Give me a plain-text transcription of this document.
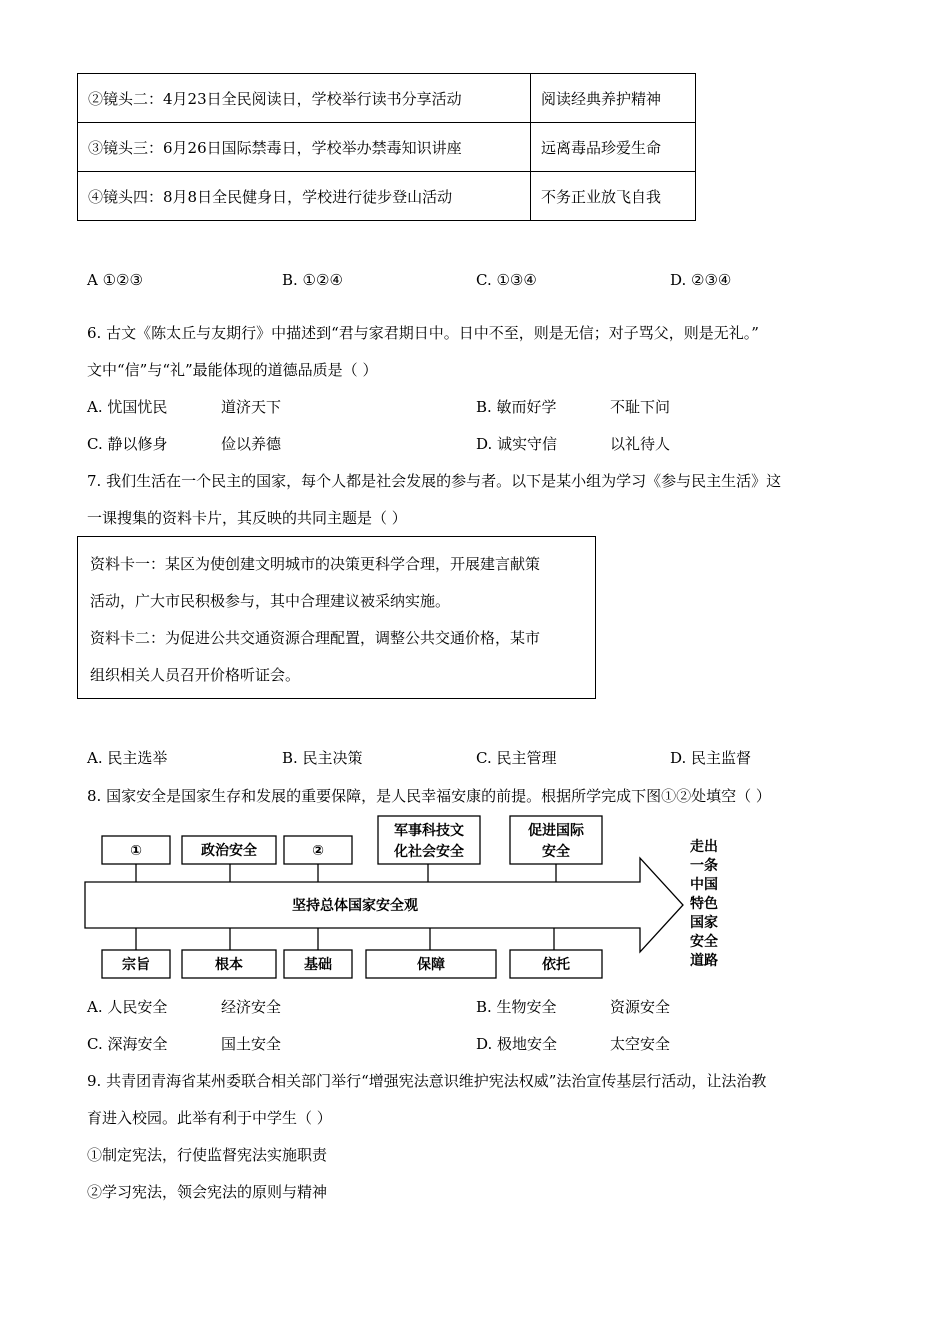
②镜头二：4月23日全民阅读日，学校举行读书分享活动	阅读经典养护精神
③镜头三：6月26日国际禁毒日，学校举办禁毒知识讲座	远离毒品珍爱生命
④镜头四：8月8日全民健身日，学校进行徒步登山活动	不务正业放飞自我
A ①②③	B. ①②④	C. ①③④	D. ②③④
6. 古文《陈太丘与友期行》中描述到“君与家君期日中。日中不至，则是无信；对子骂父，则是无礼。”
文中“信”与“礼”最能体现的道德品质是（ ）
A. 忧国忧民	道济天下	B. 敏而好学	不耻下问
C. 静以修身	俭以养德	D. 诚实守信	以礼待人
7. 我们生活在一个民主的国家，每个人都是社会发展的参与者。以下是某小组为学习《参与民主生活》这
一课搜集的资料卡片，其反映的共同主题是（ ）
资料卡一：某区为使创建文明城市的决策更科学合理，开展建言献策
活动，广大市民积极参与，其中合理建议被采纳实施。
资料卡二：为促进公共交通资源合理配置，调整公共交通价格，某市
组织相关人员召开价格听证会。
A. 民主选举	B. 民主决策	C. 民主管理	D. 民主监督
8. 国家安全是国家生存和发展的重要保障，是人民幸福安康的前提。根据所学完成下图①②处填空（ ）
①	政治安全	②
军事科技文
化社会安全
促进国际
安全
坚持总体国家安全观
宗旨	根本	基础	保障	依托
走出一条中国特色国家安全道路
A. 人民安全	经济安全	B. 生物安全	资源安全
C. 深海安全	国土安全	D. 极地安全	太空安全
9. 共青团青海省某州委联合相关部门举行“增强宪法意识维护宪法权威”法治宣传基层行活动，让法治教
育进入校园。此举有利于中学生（ ）
①制定宪法，行使监督宪法实施职责
②学习宪法，领会宪法的原则与精神
